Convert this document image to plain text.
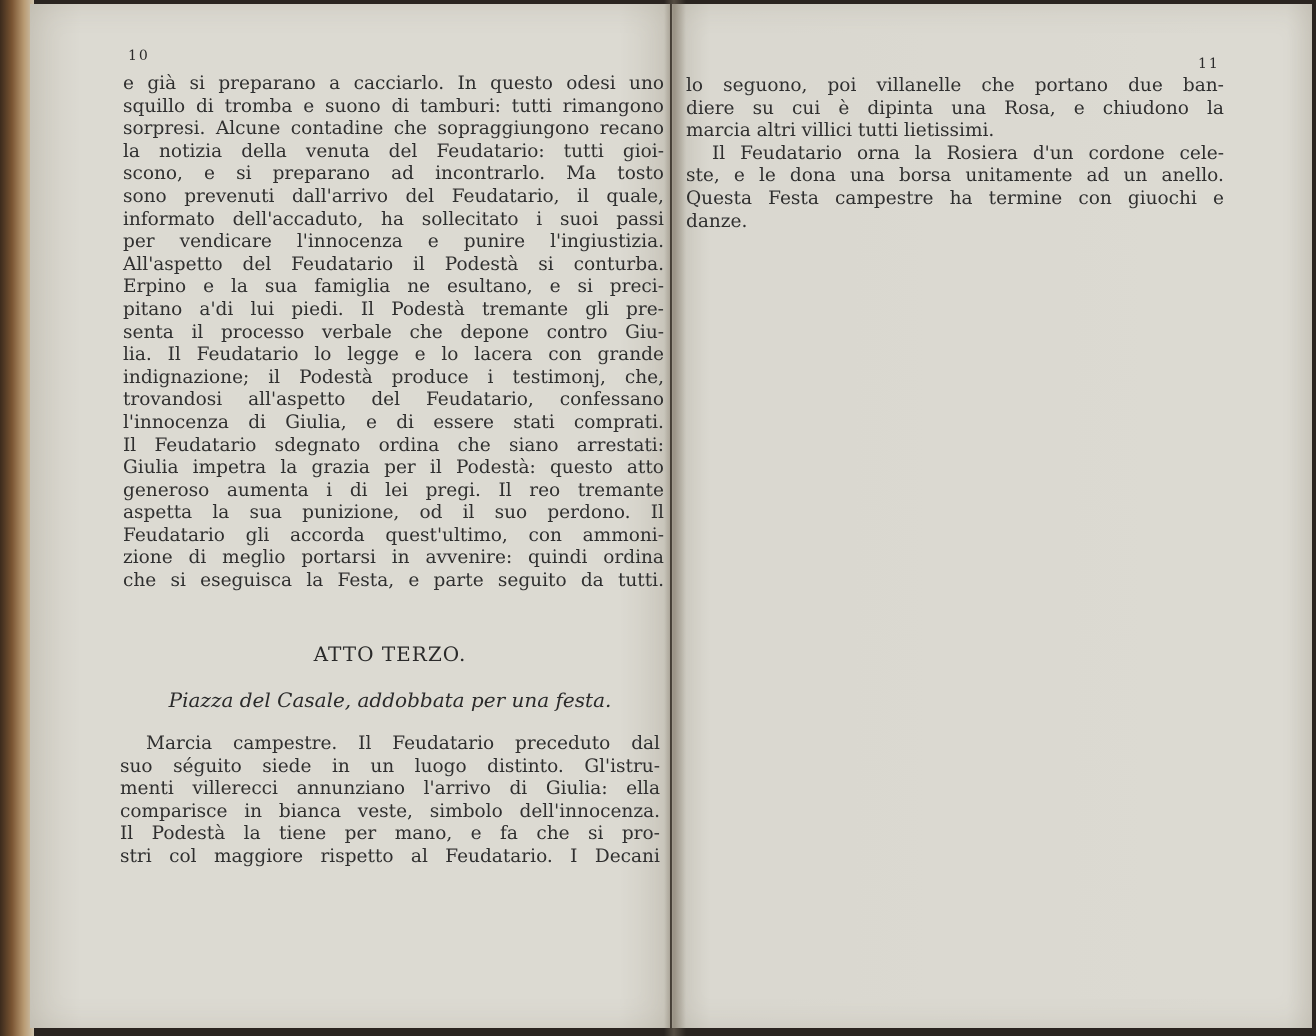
10	11
e già si preparano a cacciarlo. In questo odesi uno
squillo di tromba e suono di tamburi: tutti rimangono
sorpresi. Alcune contadine che sopraggiungono recano
la notizia della venuta del Feudatario: tutti gioi-
scono, e si preparano ad incontrarlo. Ma tosto
sono prevenuti dall'arrivo del Feudatario, il quale,
informato dell'accaduto, ha sollecitato i suoi passi
per vendicare l'innocenza e punire l'ingiustizia.
All'aspetto del Feudatario il Podestà si conturba.
Erpino e la sua famiglia ne esultano, e si preci-
pitano a'di lui piedi. Il Podestà tremante gli pre-
senta il processo verbale che depone contro Giu-
lia. Il Feudatario lo legge e lo lacera con grande
indignazione; il Podestà produce i testimonj, che,
trovandosi all'aspetto del Feudatario, confessano
l'innocenza di Giulia, e di essere stati comprati.
Il Feudatario sdegnato ordina che siano arrestati:
Giulia impetra la grazia per il Podestà: questo atto
generoso aumenta i di lei pregi. Il reo tremante
aspetta la sua punizione, od il suo perdono. Il
Feudatario gli accorda quest'ultimo, con ammoni-
zione di meglio portarsi in avvenire: quindi ordina
che si eseguisca la Festa, e parte seguito da tutti.
ATTO TERZO.
Piazza del Casale, addobbata per una festa.
Marcia campestre. Il Feudatario preceduto dal
suo séguito siede in un luogo distinto. Gl'istru-
menti villerecci annunziano l'arrivo di Giulia: ella
comparisce in bianca veste, simbolo dell'innocenza.
Il Podestà la tiene per mano, e fa che si pro-
stri col maggiore rispetto al Feudatario. I Decani
lo seguono, poi villanelle che portano due ban-
diere su cui è dipinta una Rosa, e chiudono la
marcia altri villici tutti lietissimi.
Il Feudatario orna la Rosiera d'un cordone cele-
ste, e le dona una borsa unitamente ad un anello.
Questa Festa campestre ha termine con giuochi e
danze.
